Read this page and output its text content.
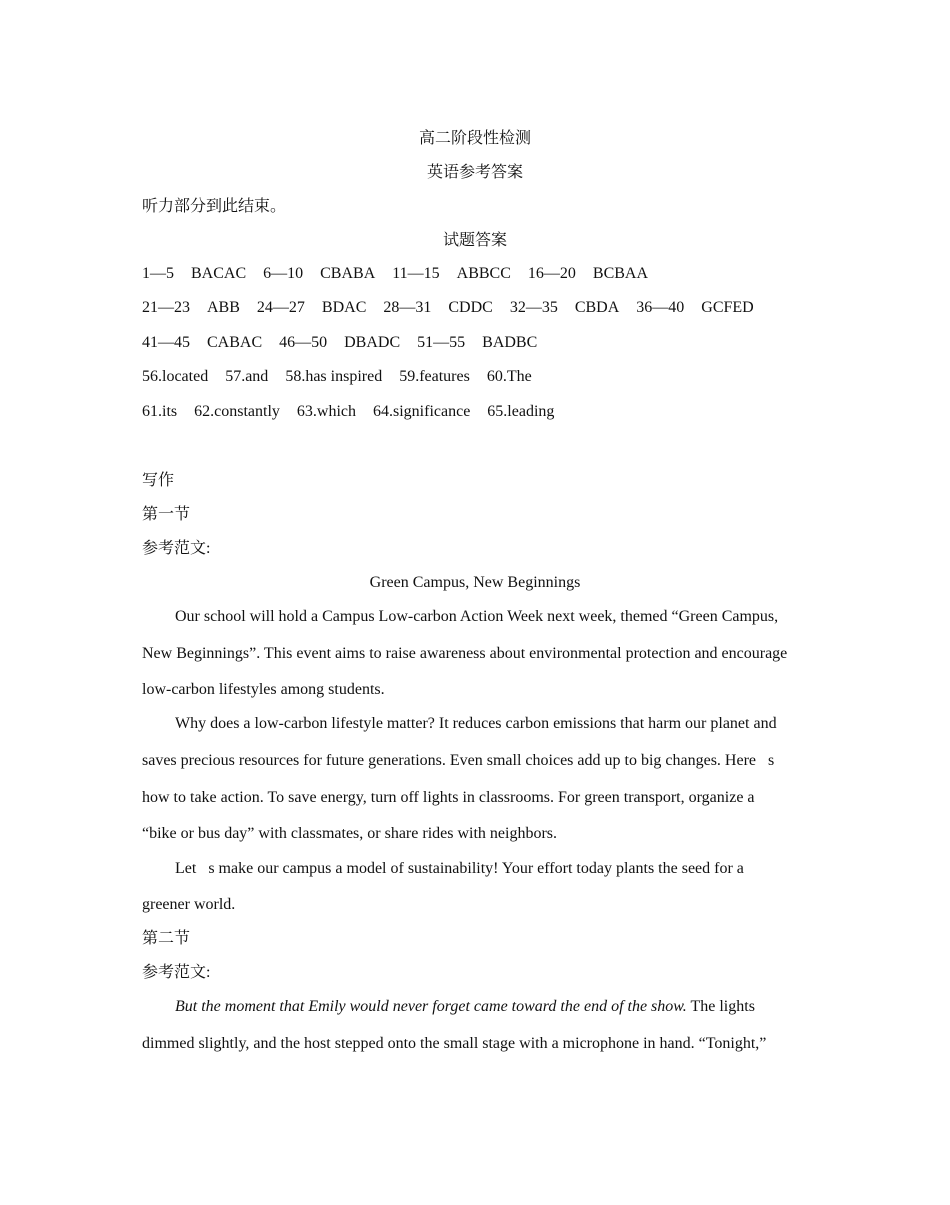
高二阶段性检测
英语参考答案
听力部分到此结束。
试题答案
1—5 BACAC 6—10 CBABA 11—15 ABBCC 16—20 BCBAA
21—23 ABB 24—27 BDAC 28—31 CDDC 32—35 CBDA 36—40 GCFED
41—45 CABAC 46—50 DBADC 51—55 BADBC
56.located 57.and 58.has inspired 59.features 60.The
61.its 62.constantly 63.which 64.significance 65.leading
写作
第一节
参考范文:
Green Campus, New Beginnings
Our school will hold a Campus Low-carbon Action Week next week, themed “Green Campus,
New Beginnings”. This event aims to raise awareness about environmental protection and encourage
low-carbon lifestyles among students.
Why does a low-carbon lifestyle matter? It reduces carbon emissions that harm our planet and
saves precious resources for future generations. Even small choices add up to big changes. Here   s
how to take action. To save energy, turn off lights in classrooms. For green transport, organize a
“bike or bus day” with classmates, or share rides with neighbors.
Let   s make our campus a model of sustainability! Your effort today plants the seed for a
greener world.
第二节
参考范文:
But the moment that Emily would never forget came toward the end of the show. The lights
dimmed slightly, and the host stepped onto the small stage with a microphone in hand. “Tonight,”
